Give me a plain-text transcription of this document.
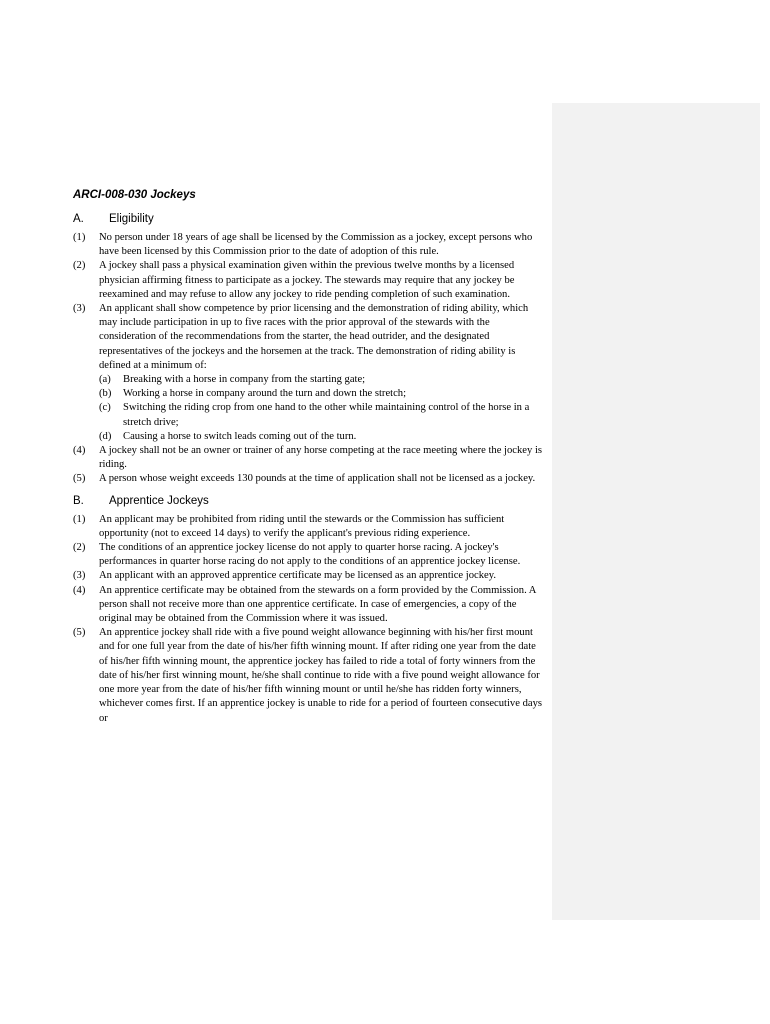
ARCI-008-030 Jockeys
A. Eligibility
(1) No person under 18 years of age shall be licensed by the Commission as a jockey, except persons who have been licensed by this Commission prior to the date of adoption of this rule.
(2) A jockey shall pass a physical examination given within the previous twelve months by a licensed physician affirming fitness to participate as a jockey. The stewards may require that any jockey be reexamined and may refuse to allow any jockey to ride pending completion of such examination.
(3) An applicant shall show competence by prior licensing and the demonstration of riding ability, which may include participation in up to five races with the prior approval of the stewards with the consideration of the recommendations from the starter, the head outrider, and the designated representatives of the jockeys and the horsemen at the track. The demonstration of riding ability is defined at a minimum of:
(a) Breaking with a horse in company from the starting gate;
(b) Working a horse in company around the turn and down the stretch;
(c) Switching the riding crop from one hand to the other while maintaining control of the horse in a stretch drive;
(d) Causing a horse to switch leads coming out of the turn.
(4) A jockey shall not be an owner or trainer of any horse competing at the race meeting where the jockey is riding.
(5) A person whose weight exceeds 130 pounds at the time of application shall not be licensed as a jockey.
B. Apprentice Jockeys
(1) An applicant may be prohibited from riding until the stewards or the Commission has sufficient opportunity (not to exceed 14 days) to verify the applicant's previous riding experience.
(2) The conditions of an apprentice jockey license do not apply to quarter horse racing. A jockey's performances in quarter horse racing do not apply to the conditions of an apprentice jockey license.
(3) An applicant with an approved apprentice certificate may be licensed as an apprentice jockey.
(4) An apprentice certificate may be obtained from the stewards on a form provided by the Commission. A person shall not receive more than one apprentice certificate. In case of emergencies, a copy of the original may be obtained from the Commission where it was issued.
(5) An apprentice jockey shall ride with a five pound weight allowance beginning with his/her first mount and for one full year from the date of his/her fifth winning mount. If after riding one year from the date of his/her fifth winning mount, the apprentice jockey has failed to ride a total of forty winners from the date of his/her first winning mount, he/she shall continue to ride with a five pound weight allowance for one more year from the date of his/her fifth winning mount or until he/she has ridden forty winners, whichever comes first. If an apprentice jockey is unable to ride for a period of fourteen consecutive days or
